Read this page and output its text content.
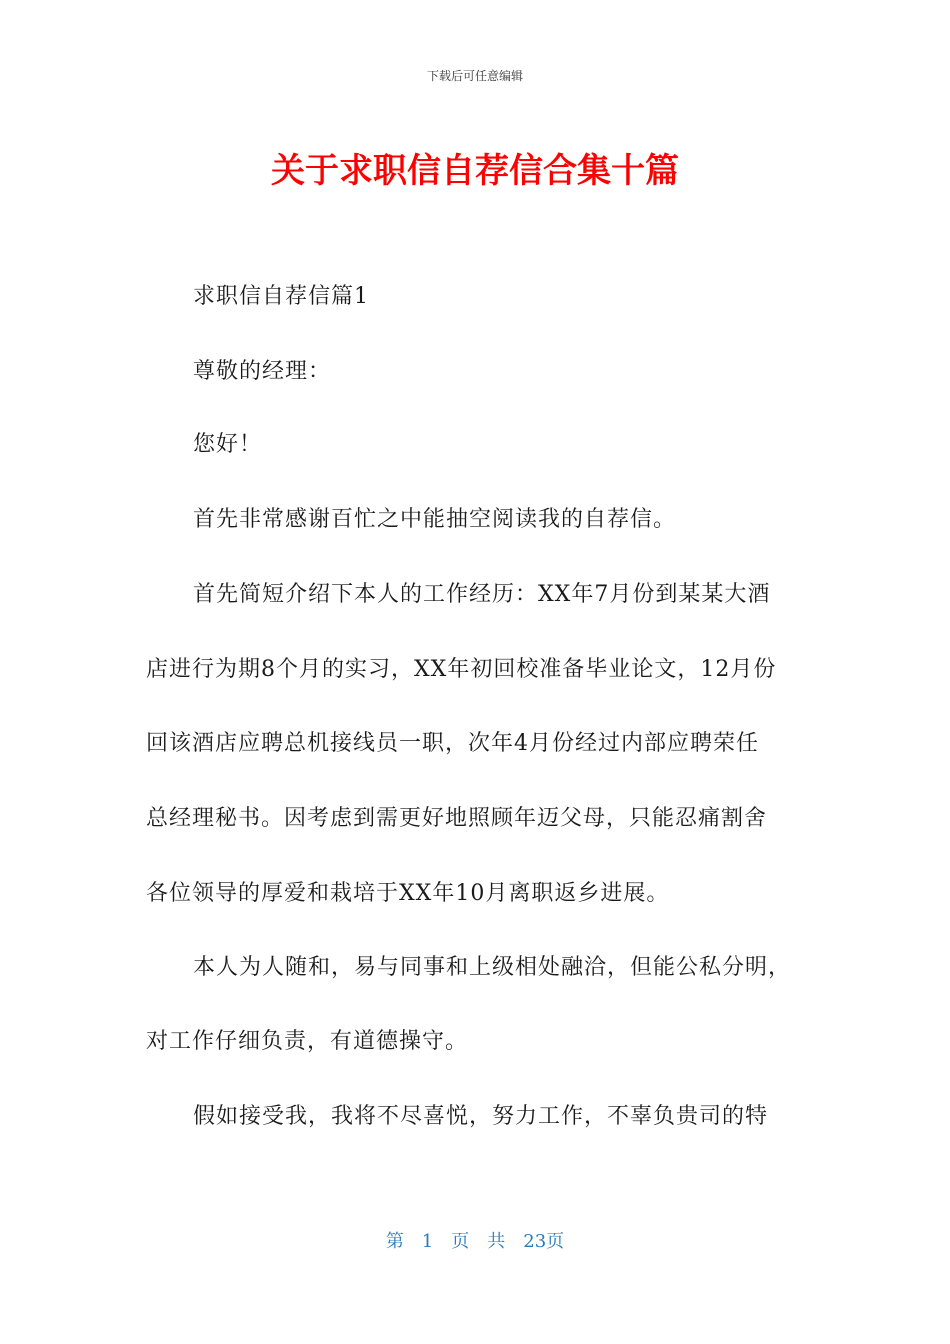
下载后可任意编辑
关于求职信自荐信合集十篇
求职信自荐信篇1
尊敬的经理：
您好！
首先非常感谢百忙之中能抽空阅读我的自荐信。
首先简短介绍下本人的工作经历：XX年7月份到某某大酒
店进行为期8个月的实习，XX年初回校准备毕业论文，12月份
回该酒店应聘总机接线员一职，次年4月份经过内部应聘荣任
总经理秘书。因考虑到需更好地照顾年迈父母，只能忍痛割舍
各位领导的厚爱和栽培于XX年10月离职返乡进展。
本人为人随和，易与同事和上级相处融洽，但能公私分明，
对工作仔细负责，有道德操守。
假如接受我，我将不尽喜悦，努力工作，不辜负贵司的特
第　1　页　共　23页
